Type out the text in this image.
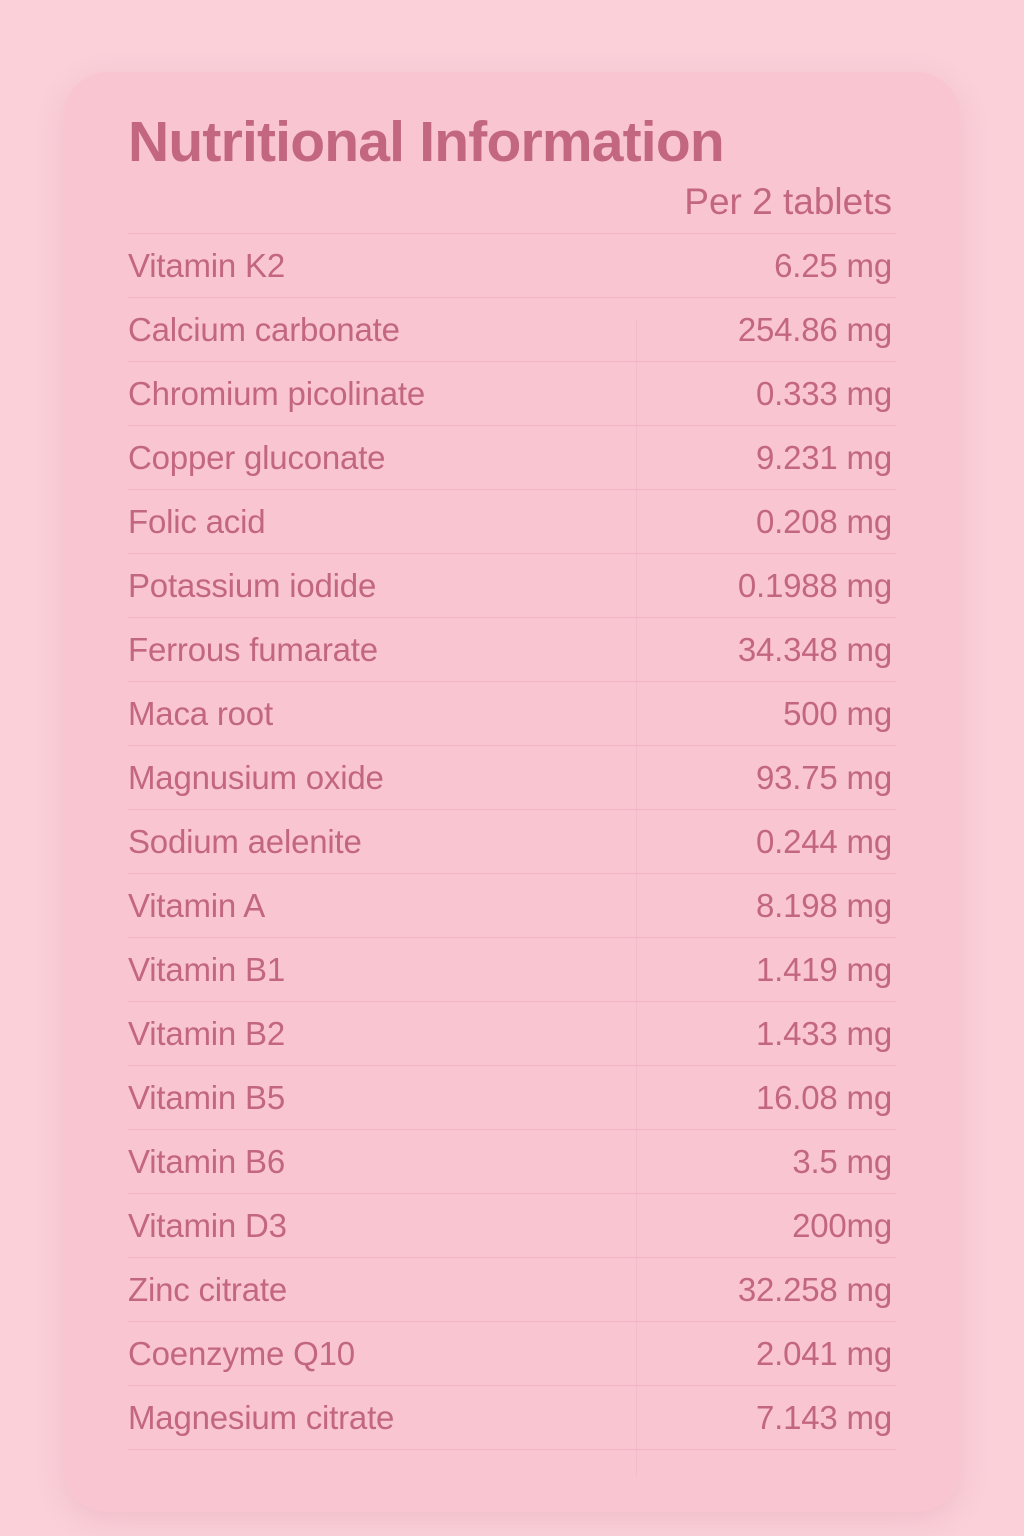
Nutritional Information
Per 2 tablets
Vitamin K2	6.25 mg
Calcium carbonate	254.86 mg
Chromium picolinate	0.333 mg
Copper gluconate	9.231 mg
Folic acid	0.208 mg
Potassium iodide	0.1988 mg
Ferrous fumarate	34.348 mg
Maca root	500 mg
Magnusium oxide	93.75 mg
Sodium aelenite	0.244 mg
Vitamin A	8.198 mg
Vitamin B1	1.419 mg
Vitamin B2	1.433 mg
Vitamin B5	16.08 mg
Vitamin B6	3.5 mg
Vitamin D3	200mg
Zinc citrate	32.258 mg
Coenzyme Q10	2.041 mg
Magnesium citrate	7.143 mg
